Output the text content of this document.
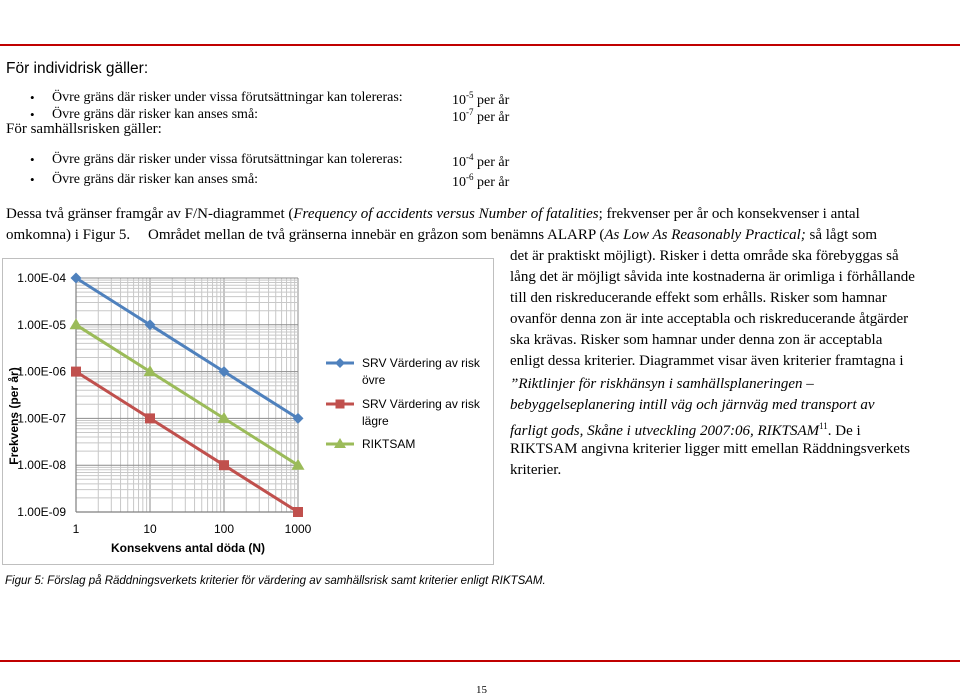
För individrisk gäller:
• Övre gräns där risker under vissa förutsättningar kan tolereras:	$10^{-5}$ per år
• Övre gräns där risker kan anses små:	$10^{-7}$ per år
För samhällsrisken gäller:
• Övre gräns där risker under vissa förutsättningar kan tolereras:	$10^{-4}$ per år
• Övre gräns där risker kan anses små:	$10^{-6}$ per år
Dessa två gränser framgår av F/N-diagrammet (Frequency of accidents versus Number of fatalities; frekvenser per år och konsekvenser i antal
omkomna) i Figur 5. Området mellan de två gränserna innebär en gråzon som benämns ALARP (As Low As Reasonably Practical; så lågt som
det är praktiskt möjligt). Risker i detta område ska förebyggas så
lång det är möjligt såvida inte kostnaderna är orimliga i förhållande
till den riskreducerande effekt som erhålls. Risker som hamnar
ovanför denna zon är inte acceptabla och riskreducerande åtgärder
ska krävas. Risker som hamnar under denna zon är acceptabla
enligt dessa kriterier. Diagrammet visar även kriterier framtagna i
”Riktlinjer för riskhänsyn i samhällsplaneringen –
bebyggelseplanering intill väg och järnväg med transport av
farligt gods, Skåne i utveckling 2007:06, RIKTSAM$^{11}$. De i
RIKTSAM angivna kriterier ligger mitt emellan Räddningsverkets
kriterier.
1.00E-04
1.00E-05
1.00E-06
1.00E-07
1.00E-08
1.00E-09
1	10	100	1000
SRV Värdering av risk
övre
SRV Värdering av risk
lägre
RIKTSAM
Konsekvens antal döda (N)
Frekvens (per år)
Figur 5: Förslag på Räddningsverkets kriterier för värdering av samhällsrisk samt kriterier enligt RIKTSAM.
15
